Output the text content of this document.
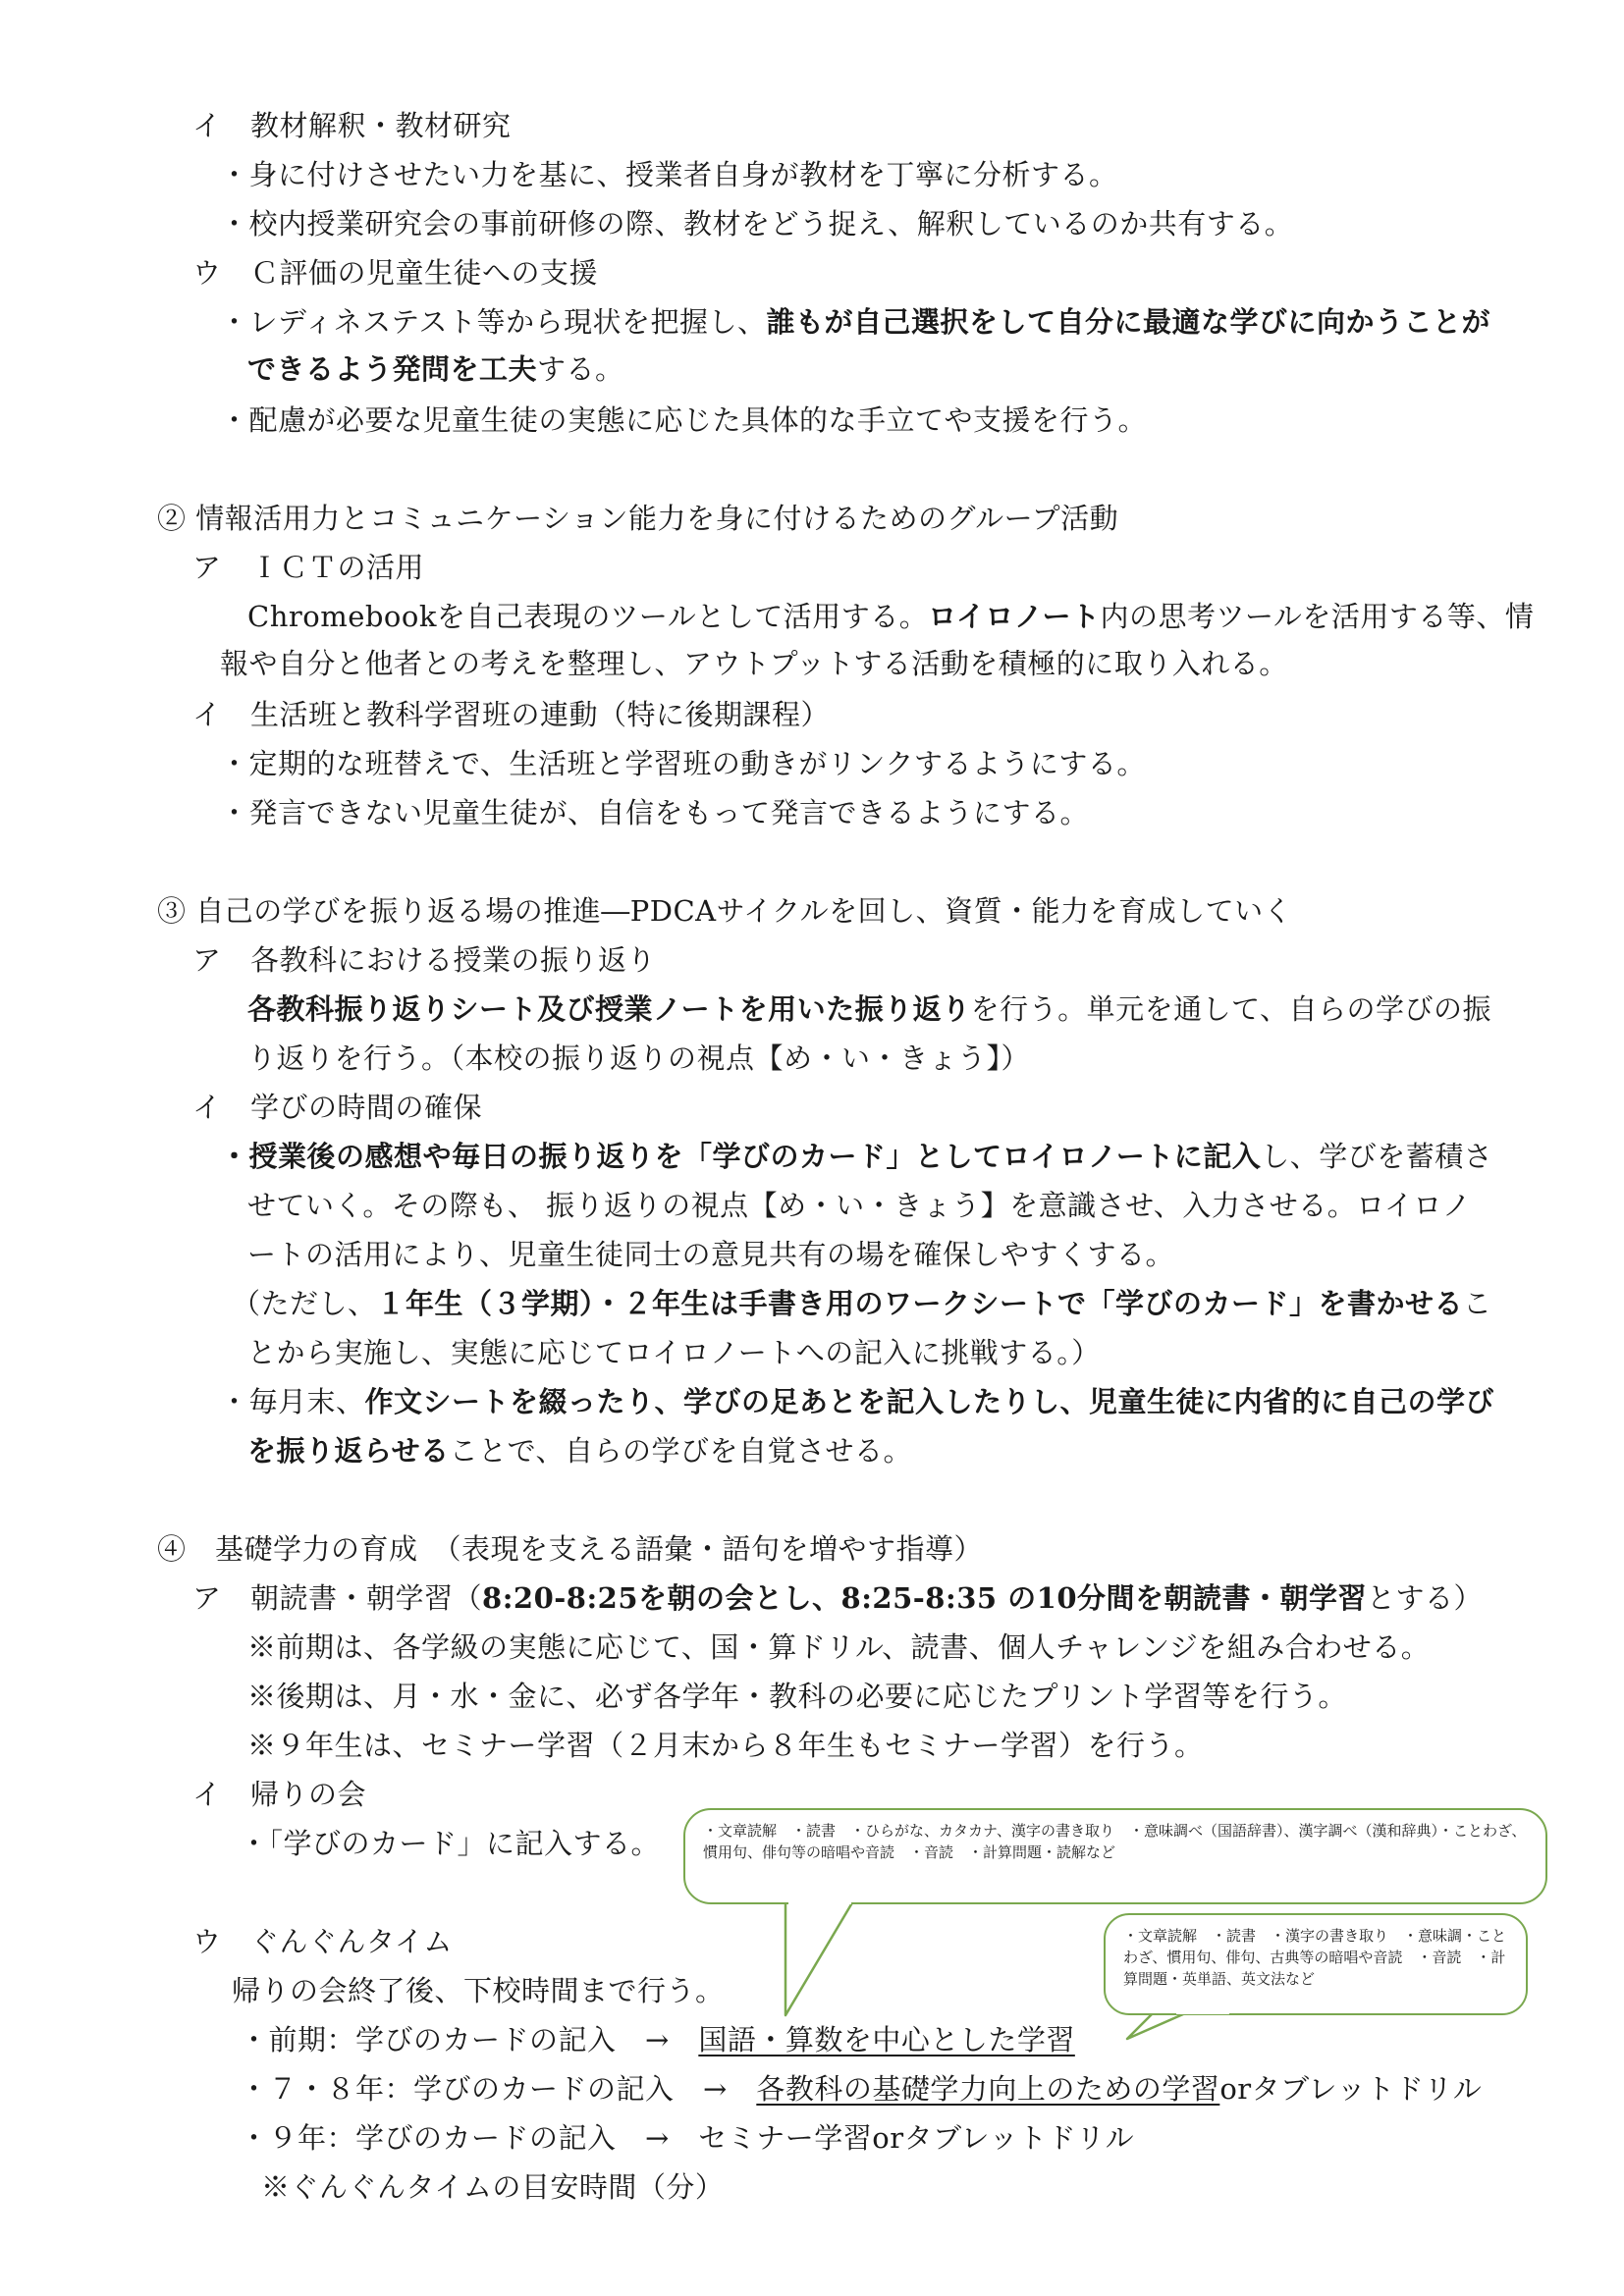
イ　教材解釈・教材研究
・身に付けさせたい力を基に、授業者自身が教材を丁寧に分析する。
・校内授業研究会の事前研修の際、教材をどう捉え、解釈しているのか共有する。
ウ　Ｃ評価の児童生徒への支援
・レディネステスト等から現状を把握し、誰もが自己選択をして自分に最適な学びに向かうことが
できるよう発問を工夫する。
・配慮が必要な児童生徒の実態に応じた具体的な手立てや支援を行う。
② 情報活用力とコミュニケーション能力を身に付けるためのグループ活動
ア　ＩＣＴの活用
Chromebookを自己表現のツールとして活用する。ロイロノート内の思考ツールを活用する等、情
報や自分と他者との考えを整理し、アウトプットする活動を積極的に取り入れる。
イ　生活班と教科学習班の連動（特に後期課程）
・定期的な班替えで、生活班と学習班の動きがリンクするようにする。
・発言できない児童生徒が、自信をもって発言できるようにする。
③ 自己の学びを振り返る場の推進―PDCAサイクルを回し、資質・能力を育成していく
ア　各教科における授業の振り返り
各教科振り返りシート及び授業ノートを用いた振り返りを行う。単元を通して、自らの学びの振
り返りを行う。（本校の振り返りの視点【め・い・きょう】）
イ　学びの時間の確保
・授業後の感想や毎日の振り返りを「学びのカード」としてロイロノートに記入し、学びを蓄積さ
せていく。その際も、 振り返りの視点【め・い・きょう】を意識させ、入力させる。ロイロノ
ートの活用により、児童生徒同士の意見共有の場を確保しやすくする。
（ただし、１年生（３学期）・２年生は手書き用のワークシートで「学びのカード」を書かせるこ
とから実施し、実態に応じてロイロノートへの記入に挑戦する。）
・毎月末、作文シートを綴ったり、学びの足あとを記入したりし、児童生徒に内省的に自己の学び
を振り返らせることで、自らの学びを自覚させる。
④　基礎学力の育成　（表現を支える語彙・語句を増やす指導）
ア　朝読書・朝学習（8:20-8:25を朝の会とし、8:25-8:35 の10分間を朝読書・朝学習とする）
※前期は、各学級の実態に応じて、国・算ドリル、読書、個人チャレンジを組み合わせる。
※後期は、月・水・金に、必ず各学年・教科の必要に応じたプリント学習等を行う。
※９年生は、セミナー学習（２月末から８年生もセミナー学習）を行う。
イ　帰りの会
・「学びのカード」に記入する。
ウ　ぐんぐんタイム
帰りの会終了後、下校時間まで行う。
・前期：学びのカードの記入　→　国語・算数を中心とした学習
・７・８年：学びのカードの記入　→　各教科の基礎学力向上のための学習orタブレットドリル
・９年：学びのカードの記入　→　セミナー学習orタブレットドリル
※ぐんぐんタイムの目安時間（分）
・文章読解　・読書　・ひらがな、カタカナ、漢字の書き取り　・意味調べ（国語辞書）、漢字調べ（漢和辞典）・ことわざ、慣用句、俳句等の暗唱や音読　・音読　・計算問題・読解など
・文章読解　・読書　・漢字の書き取り　・意味調・ことわざ、慣用句、俳句、古典等の暗唱や音読　・音読　・計算問題・英単語、英文法など
